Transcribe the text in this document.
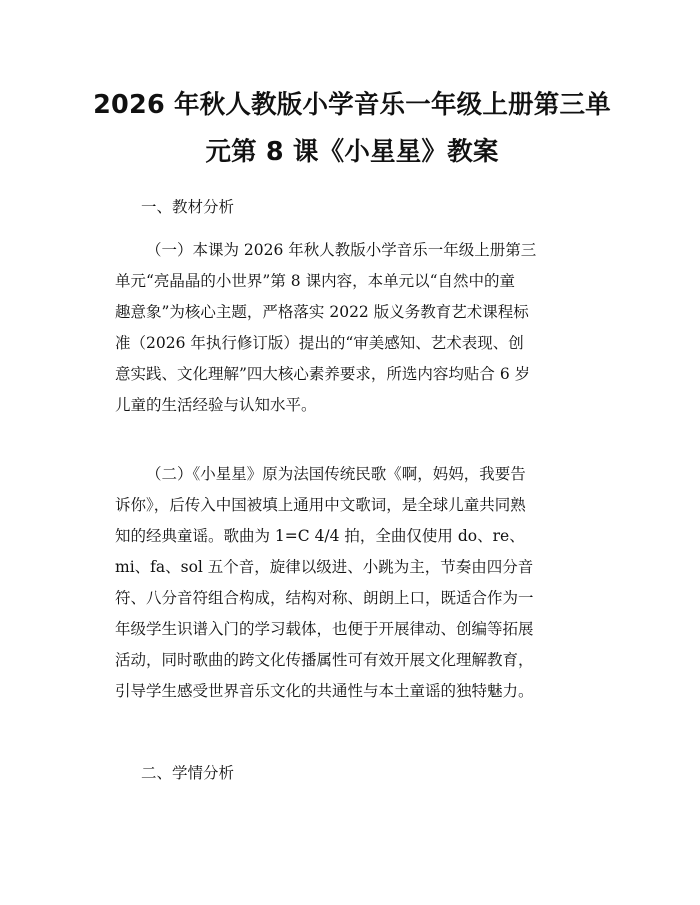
2026 年秋人教版小学音乐一年级上册第三单
元第 8 课《小星星》教案
一、教材分析
（一）本课为 2026 年秋人教版小学音乐一年级上册第三
单元“亮晶晶的小世界”第 8 课内容，本单元以“自然中的童
趣意象”为核心主题，严格落实 2022 版义务教育艺术课程标
准（2026 年执行修订版）提出的“审美感知、艺术表现、创
意实践、文化理解”四大核心素养要求，所选内容均贴合 6 岁
儿童的生活经验与认知水平。
（二）《小星星》原为法国传统民歌《啊，妈妈，我要告
诉你》，后传入中国被填上通用中文歌词，是全球儿童共同熟
知的经典童谣。歌曲为 1=C 4/4 拍，全曲仅使用 do、re、
mi、fa、sol 五个音，旋律以级进、小跳为主，节奏由四分音
符、八分音符组合构成，结构对称、朗朗上口，既适合作为一
年级学生识谱入门的学习载体，也便于开展律动、创编等拓展
活动，同时歌曲的跨文化传播属性可有效开展文化理解教育，
引导学生感受世界音乐文化的共通性与本土童谣的独特魅力。
二、学情分析
